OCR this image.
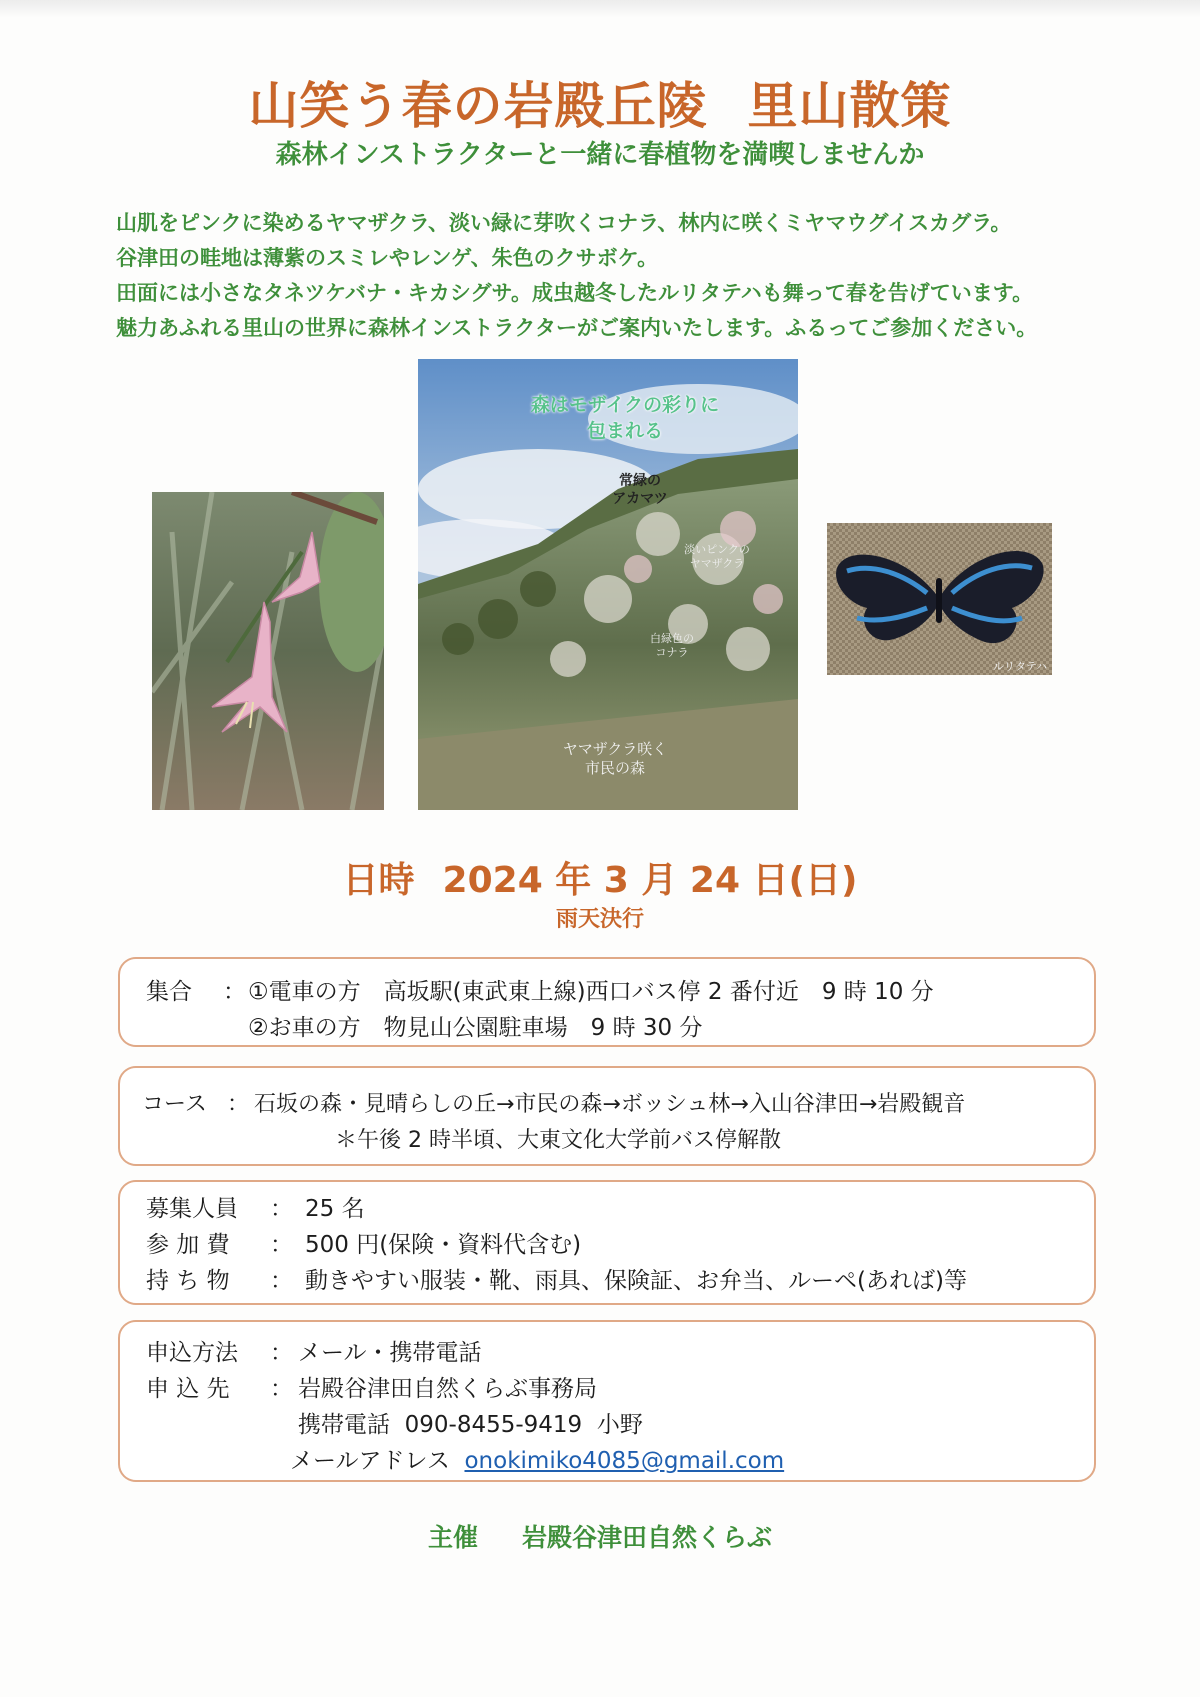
山笑う春の岩殿丘陵 里山散策
森林インストラクターと一緒に春植物を満喫しませんか
山肌をピンクに染めるヤマザクラ、淡い緑に芽吹くコナラ、林内に咲くミヤマウグイスカグラ。
谷津田の畦地は薄紫のスミレやレンゲ、朱色のクサボケ。
田面には小さなタネツケバナ・キカシグサ。成虫越冬したルリタテハも舞って春を告げています。
魅力あふれる里山の世界に森林インストラクターがご案内いたします。ふるってご参加ください。
森はモザイクの彩りに
包まれる
常緑の
アカマツ
淡いピンクの
ヤマザクラ
白緑色の
コナラ
ヤマザクラ咲く
市民の森
ルリタテハ
日時 2024 年 3 月 24 日(日)
雨天決行
集合 ： ①電車の方　高坂駅(東武東上線)西口バス停 2 番付近　9 時 10 分
②お車の方　物見山公園駐車場　9 時 30 分
コース ： 石坂の森・見晴らしの丘→市民の森→ボッシュ林→入山谷津田→岩殿観音
＊午後 2 時半頃、大東文化大学前バス停解散
募集人員 ： 25 名
参 加 費 ： 500 円(保険・資料代含む)
持 ち 物 ： 動きやすい服装・靴、雨具、保険証、お弁当、ルーペ(あれば)等
申込方法 ： メール・携帯電話
申 込 先 ： 岩殿谷津田自然くらぶ事務局
携帯電話 090-8455-9419 小野
メールアドレス onokimiko4085@gmail.com
主催 岩殿谷津田自然くらぶ
